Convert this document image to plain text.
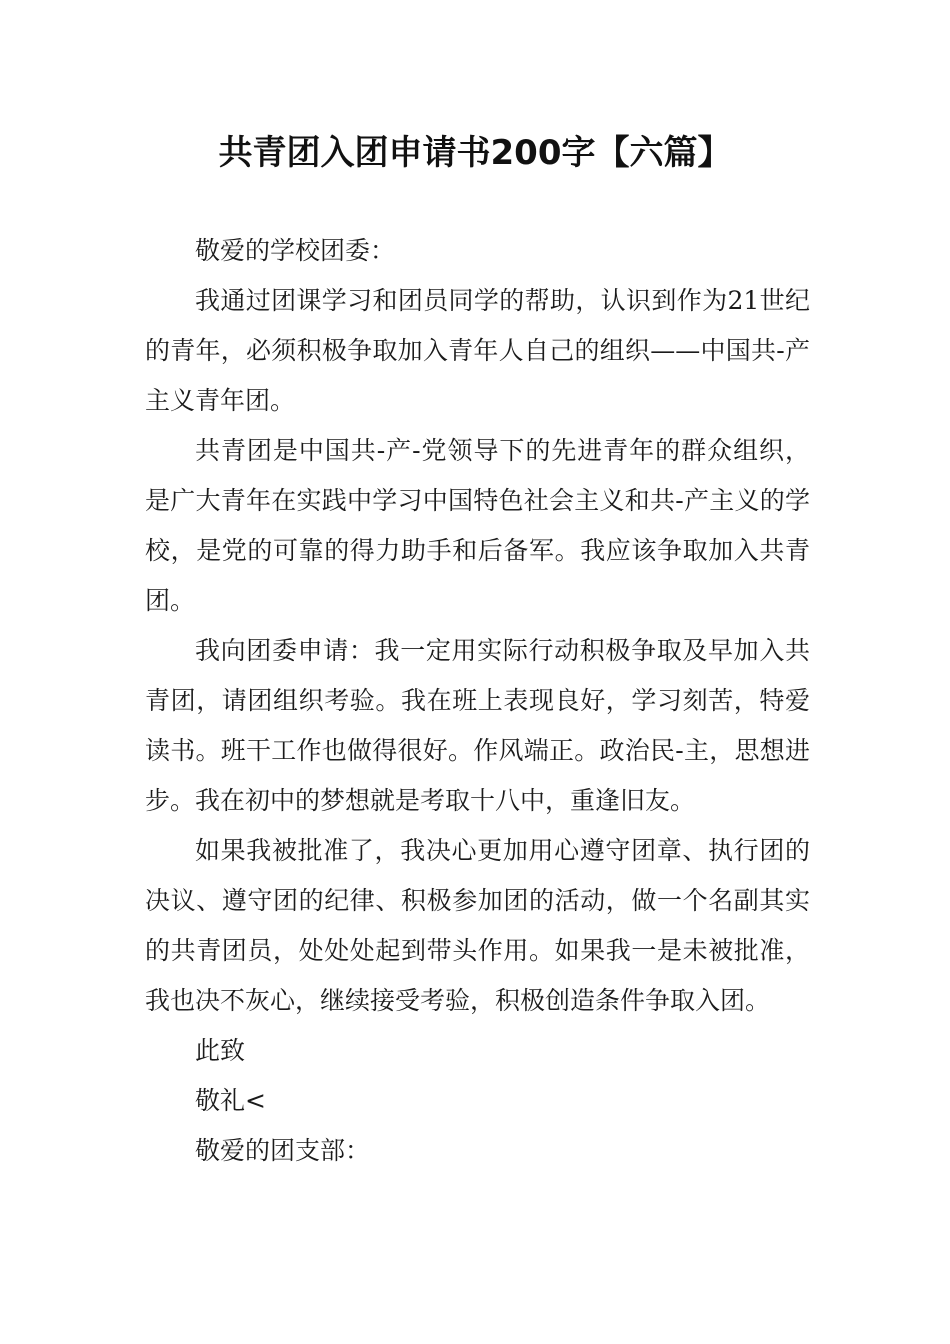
共青团入团申请书200字【六篇】

敬爱的学校团委：

我通过团课学习和团员同学的帮助，认识到作为21世纪的青年，必须积极争取加入青年人自己的组织——中国共-产主义青年团。

共青团是中国共-产-党领导下的先进青年的群众组织，是广大青年在实践中学习中国特色社会主义和共-产主义的学校，是党的可靠的得力助手和后备军。我应该争取加入共青团。

我向团委申请：我一定用实际行动积极争取及早加入共青团，请团组织考验。我在班上表现良好，学习刻苦，特爱读书。班干工作也做得很好。作风端正。政治民-主，思想进步。我在初中的梦想就是考取十八中，重逢旧友。

如果我被批准了，我决心更加用心遵守团章、执行团的决议、遵守团的纪律、积极参加团的活动，做一个名副其实的共青团员，处处处起到带头作用。如果我一是未被批准，我也决不灰心，继续接受考验，积极创造条件争取入团。

此致

敬礼<

敬爱的团支部：
